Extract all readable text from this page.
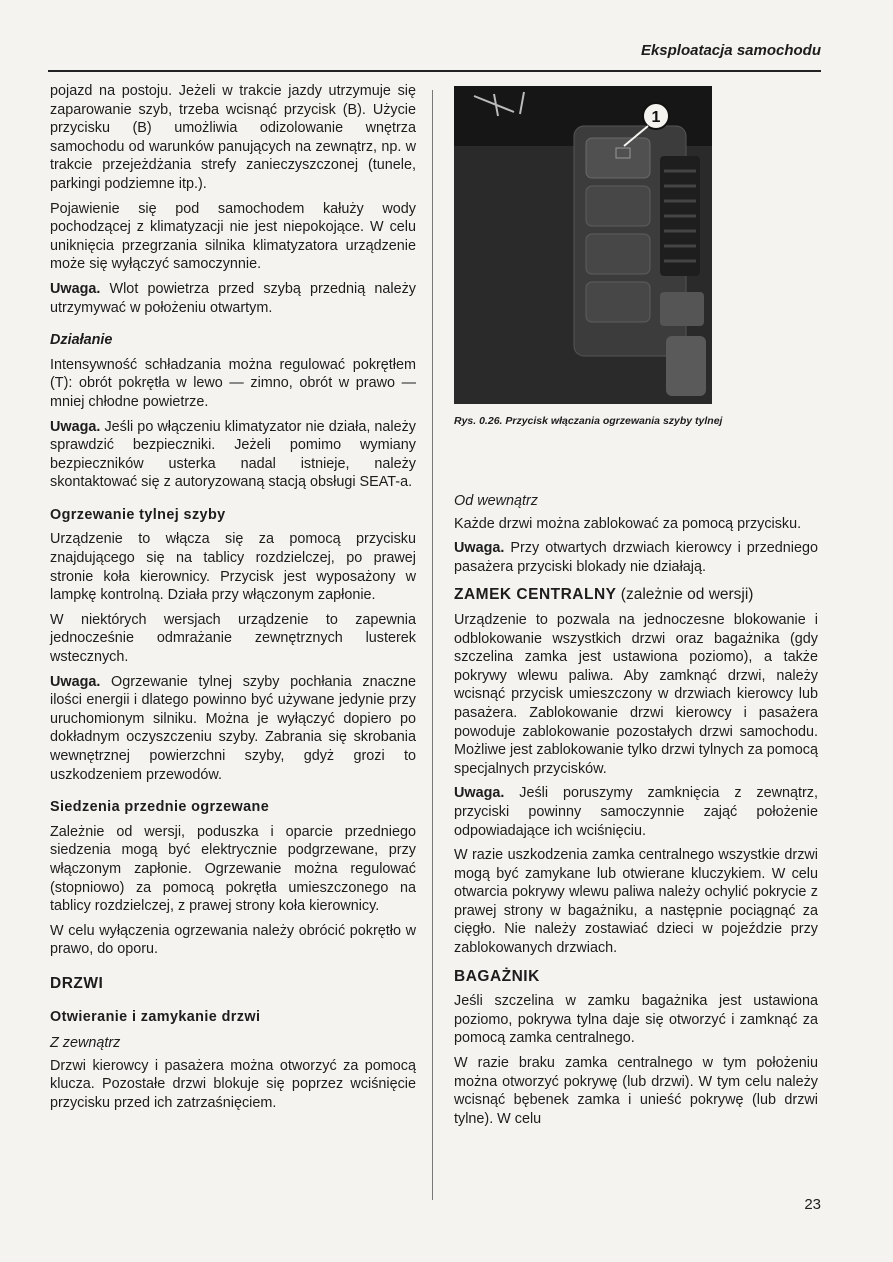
Eksploatacja samochodu

pojazd na postoju. Jeżeli w trakcie jazdy utrzymuje się zaparowanie szyb, trzeba wcisnąć przycisk (B). Użycie przycisku (B) umożliwia odizolowanie wnętrza samochodu od warunków panujących na zewnątrz, np. w trakcie przejeżdżania strefy zanieczyszczonej (tunele, parkingi podziemne itp.).

Pojawienie się pod samochodem kałuży wody pochodzącej z klimatyzacji nie jest niepokojące. W celu uniknięcia przegrzania silnika klimatyzatora urządzenie może się wyłączyć samoczynnie.

Uwaga. Wlot powietrza przed szybą przednią należy utrzymywać w położeniu otwartym.

Działanie

Intensywność schładzania można regulować pokrętłem (T): obrót pokrętła w lewo — zimno, obrót w prawo — mniej chłodne powietrze.

Uwaga. Jeśli po włączeniu klimatyzator nie działa, należy sprawdzić bezpieczniki. Jeżeli pomimo wymiany bezpieczników usterka nadal istnieje, należy skontaktować się z autoryzowaną stacją obsługi SEAT-a.

Ogrzewanie tylnej szyby

Urządzenie to włącza się za pomocą przycisku znajdującego się na tablicy rozdzielczej, po prawej stronie koła kierownicy. Przycisk jest wyposażony w lampkę kontrolną. Działa przy włączonym zapłonie.

W niektórych wersjach urządzenie to zapewnia jednocześnie odmrażanie zewnętrznych lusterek wstecznych.

Uwaga. Ogrzewanie tylnej szyby pochłania znaczne ilości energii i dlatego powinno być używane jedynie przy uruchomionym silniku. Można je wyłączyć dopiero po dokładnym oczyszczeniu szyby. Zabrania się skrobania wewnętrznej powierzchni szyby, gdyż grozi to uszkodzeniem przewodów.

Siedzenia przednie ogrzewane

Zależnie od wersji, poduszka i oparcie przedniego siedzenia mogą być elektrycznie podgrzewane, przy włączonym zapłonie. Ogrzewanie można regulować (stopniowo) za pomocą pokrętła umieszczonego na tablicy rozdzielczej, z prawej strony koła kierownicy.

W celu wyłączenia ogrzewania należy obrócić pokrętło w prawo, do oporu.

DRZWI
Otwieranie i zamykanie drzwi
Z zewnątrz

Drzwi kierowcy i pasażera można otworzyć za pomocą klucza. Pozostałe drzwi blokuje się poprzez wciśnięcie przycisku przed ich zatrzaśnięciem.

1
Rys. 0.26. Przycisk włączania ogrzewania szyby tylnej
Od wewnątrz

Każde drzwi można zablokować za pomocą przycisku.

Uwaga. Przy otwartych drzwiach kierowcy i przedniego pasażera przyciski blokady nie działają.

ZAMEK CENTRALNY (zależnie od wersji)

Urządzenie to pozwala na jednoczesne blokowanie i odblokowanie wszystkich drzwi oraz bagażnika (gdy szczelina zamka jest ustawiona poziomo), a także pokrywy wlewu paliwa. Aby zamknąć drzwi, należy wcisnąć przycisk umieszczony w drzwiach kierowcy lub pasażera. Zablokowanie drzwi kierowcy i pasażera powoduje zablokowanie pozostałych drzwi samochodu. Możliwe jest zablokowanie tylko drzwi tylnych za pomocą specjalnych przycisków.

Uwaga. Jeśli poruszymy zamknięcia z zewnątrz, przyciski powinny samoczynnie zająć położenie odpowiadające ich wciśnięciu.

W razie uszkodzenia zamka centralnego wszystkie drzwi mogą być zamykane lub otwierane kluczykiem. W celu otwarcia pokrywy wlewu paliwa należy ochylić pokrycie z prawej strony w bagażniku, a następnie pociągnąć za cięgło. Nie należy zostawiać dzieci w pojeździe przy zablokowanych drzwiach.

BAGAŻNIK

Jeśli szczelina w zamku bagażnika jest ustawiona poziomo, pokrywa tylna daje się otworzyć i zamknąć za pomocą zamka centralnego.

W razie braku zamka centralnego w tym położeniu można otworzyć pokrywę (lub drzwi). W tym celu należy wcisnąć bębenek zamka i unieść pokrywę (lub drzwi tylne). W celu

23
